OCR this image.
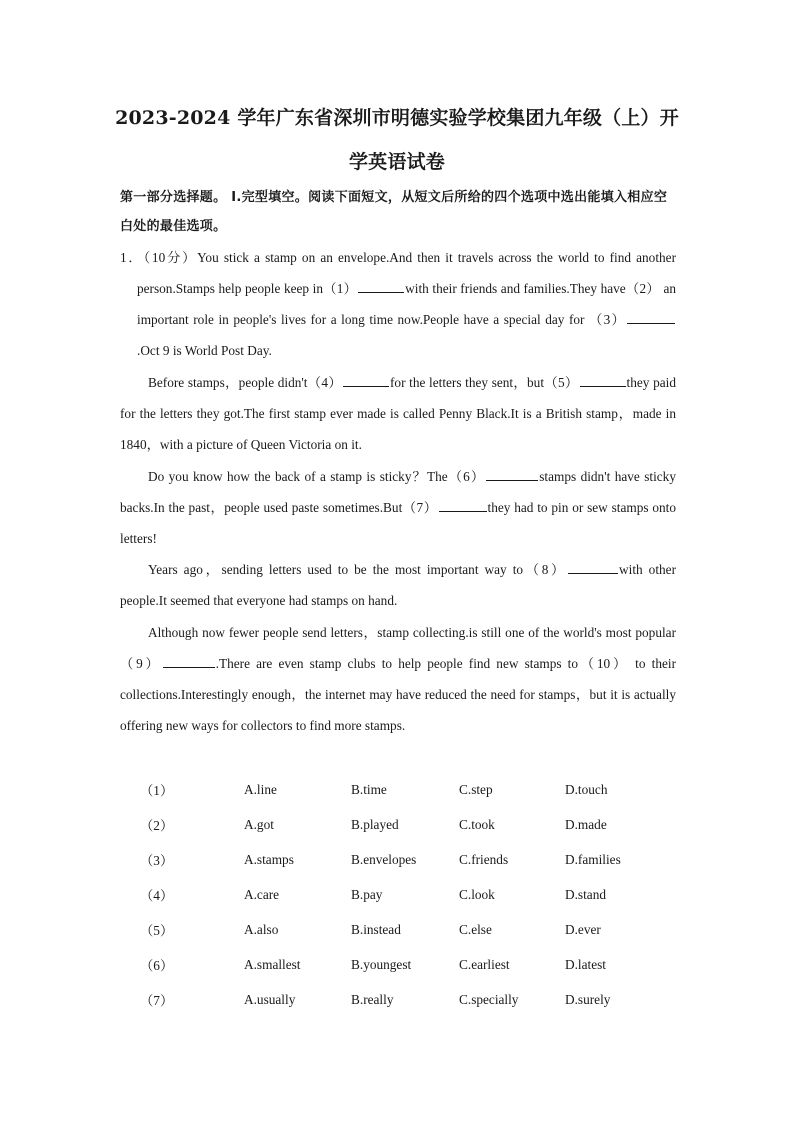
2023-2024 学年广东省深圳市明德实验学校集团九年级（上）开
学英语试卷
第一部分选择题。 Ⅰ.完型填空。阅读下面短文，从短文后所给的四个选项中选出能填入相应空白处的最佳选项。
1．（10分）You stick a stamp on an envelope.And then it travels across the world to find another person.Stamps help people keep in（1）	with their friends and families.They have（2） an important role in people's lives for a long time now.People have a special day for （3）.Oct 9 is World Post Day.
Before stamps，people didn't（4）	for the letters they sent，but（5）	they paid for the letters they got.The first stamp ever made is called Penny Black.It is a British stamp，made in 1840，with a picture of Queen Victoria on it.
Do you know how the back of a stamp is sticky？The（6）	stamps didn't have sticky backs.In the past，people used paste sometimes.But（7）	they had to pin or sew stamps onto letters!
Years ago，sending letters used to be the most important way to（8）	with other people.It seemed that everyone had stamps on hand.
Although now fewer people send letters，stamp collecting.is still one of the world's most popular（9）	.There are even stamp clubs to help people find new stamps to（10） to their collections.Interestingly enough，the internet may have reduced the need for stamps，but it is actually offering new ways for collectors to find more stamps.
（1）	A.line	B.time	C.step	D.touch
（2）	A.got	B.played	C.took	D.made
（3）	A.stamps	B.envelopes	C.friends	D.families
（4）	A.care	B.pay	C.look	D.stand
（5）	A.also	B.instead	C.else	D.ever
（6）	A.smallest	B.youngest	C.earliest	D.latest
（7）	A.usually	B.really	C.specially	D.surely
